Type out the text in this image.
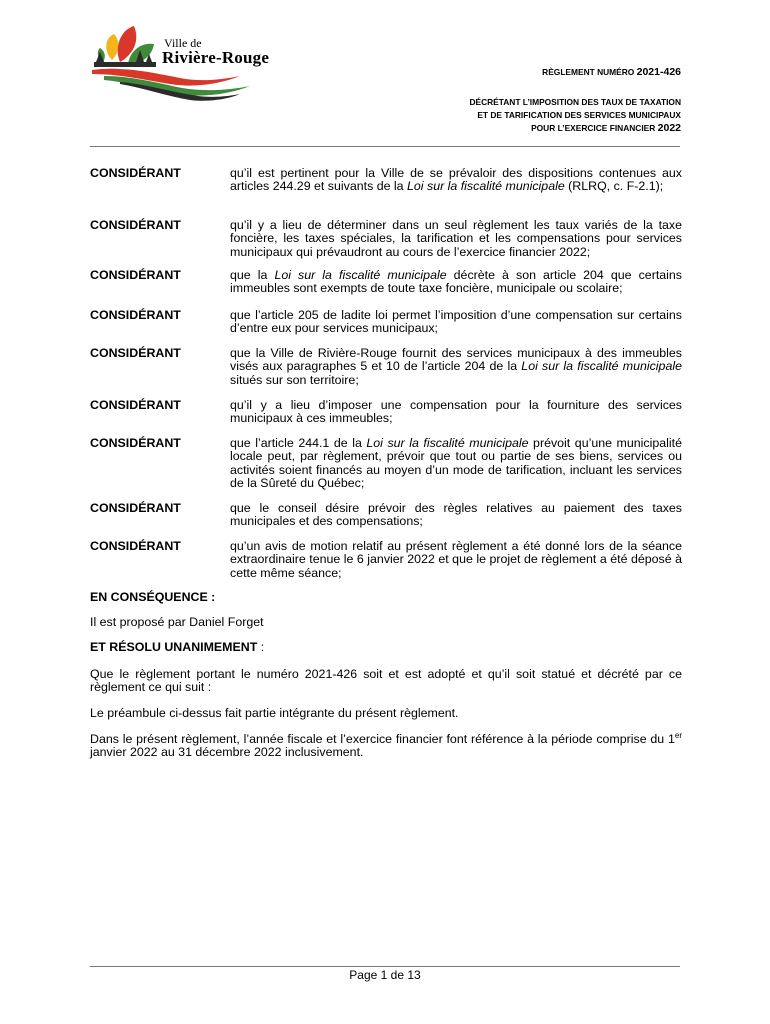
Ville de
Rivière-Rouge
RÈGLEMENT NUMÉRO 2021-426
DÉCRÉTANT L’IMPOSITION DES TAUX DE TAXATION
ET DE TARIFICATION DES SERVICES MUNICIPAUX
POUR L’EXERCICE FINANCIER 2022
CONSIDÉRANT	qu’il est pertinent pour la Ville de se prévaloir des dispositions contenues aux articles 244.29 et suivants de la Loi sur la fiscalité municipale (RLRQ, c. F-2.1);
CONSIDÉRANT	qu’il y a lieu de déterminer dans un seul règlement les taux variés de la taxe foncière, les taxes spéciales, la tarification et les compensations pour services municipaux qui prévaudront au cours de l’exercice financier 2022;
CONSIDÉRANT	que la Loi sur la fiscalité municipale décrète à son article 204 que certains immeubles sont exempts de toute taxe foncière, municipale ou scolaire;
CONSIDÉRANT	que l’article 205 de ladite loi permet l’imposition d’une compensation sur certains d’entre eux pour services municipaux;
CONSIDÉRANT	que la Ville de Rivière-Rouge fournit des services municipaux à des immeubles visés aux paragraphes 5 et 10 de l’article 204 de la Loi sur la fiscalité municipale situés sur son territoire;
CONSIDÉRANT	qu’il y a lieu d’imposer une compensation pour la fourniture des services municipaux à ces immeubles;
CONSIDÉRANT	que l’article 244.1 de la Loi sur la fiscalité municipale prévoit qu’une municipalité locale peut, par règlement, prévoir que tout ou partie de ses biens, services ou activités soient financés au moyen d’un mode de tarification, incluant les services de la Sûreté du Québec;
CONSIDÉRANT	que le conseil désire prévoir des règles relatives au paiement des taxes municipales et des compensations;
CONSIDÉRANT	qu’un avis de motion relatif au présent règlement a été donné lors de la séance extraordinaire tenue le 6 janvier 2022 et que le projet de règlement a été déposé à cette même séance;
EN CONSÉQUENCE :
Il est proposé par Daniel Forget
ET RÉSOLU UNANIMEMENT :
Que le règlement portant le numéro 2021-426 soit et est adopté et qu’il soit statué et décrété par ce règlement ce qui suit :
Le préambule ci-dessus fait partie intégrante du présent règlement.
Dans le présent règlement, l’année fiscale et l’exercice financier font référence à la période comprise du 1er janvier 2022 au 31 décembre 2022 inclusivement.
Page 1 de 13
